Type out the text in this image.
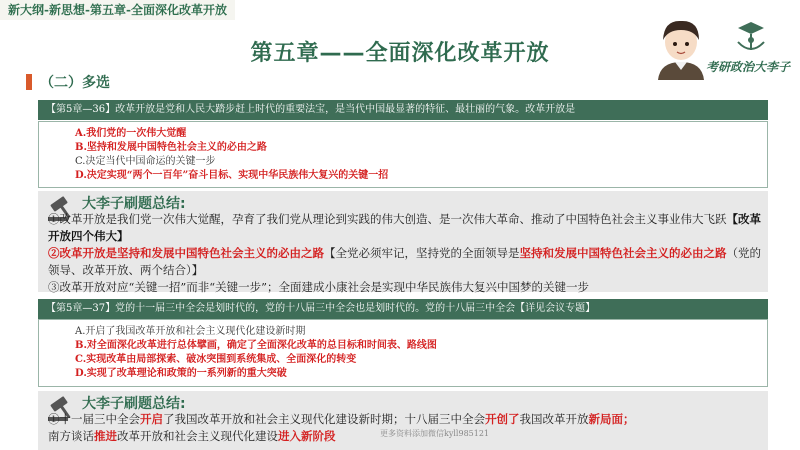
新大纲-新思想-第五章-全面深化改革开放
第五章——全面深化改革开放
考研政治大李子
（二）多选
【第5章—36】改革开放是党和人民大踏步赶上时代的重要法宝，是当代中国最显著的特征、最壮丽的气象。改革开放是
A.我们党的一次伟大觉醒
B.坚持和发展中国特色社会主义的必由之路
C.决定当代中国命运的关键一步
D.决定实现“两个一百年”奋斗目标、实现中华民族伟大复兴的关键一招
大李子刷题总结:

①改革开放是我们党一次伟大觉醒，孕育了我们党从理论到实践的伟大创造、是一次伟大革命、推动了中国特色社会主义事业伟大飞跃【改革开放四个伟大】

②改革开放是坚持和发展中国特色社会主义的必由之路【全党必须牢记，坚持党的全面领导是坚持和发展中国特色社会主义的必由之路（党的领导、改革开放、两个结合）】

③改革开放对应“关键一招”而非“关键一步”；全面建成小康社会是实现中华民族伟大复兴中国梦的关键一步

【第5章—37】党的十一届三中全会是划时代的，党的十八届三中全会也是划时代的。党的十八届三中全会【详见会议专题】
A.开启了我国改革开放和社会主义现代化建设新时期
B.对全面深化改革进行总体擘画，确定了全面深化改革的总目标和时间表、路线图
C.实现改革由局部探索、破冰突围到系统集成、全面深化的转变
D.实现了改革理论和政策的一系列新的重大突破
大李子刷题总结:

①十一届三中全会开启了我国改革开放和社会主义现代化建设新时期；十八届三中全会开创了我国改革开放新局面；

南方谈话推进改革开放和社会主义现代化建设进入新阶段	更多资料添加微信kyll985121
